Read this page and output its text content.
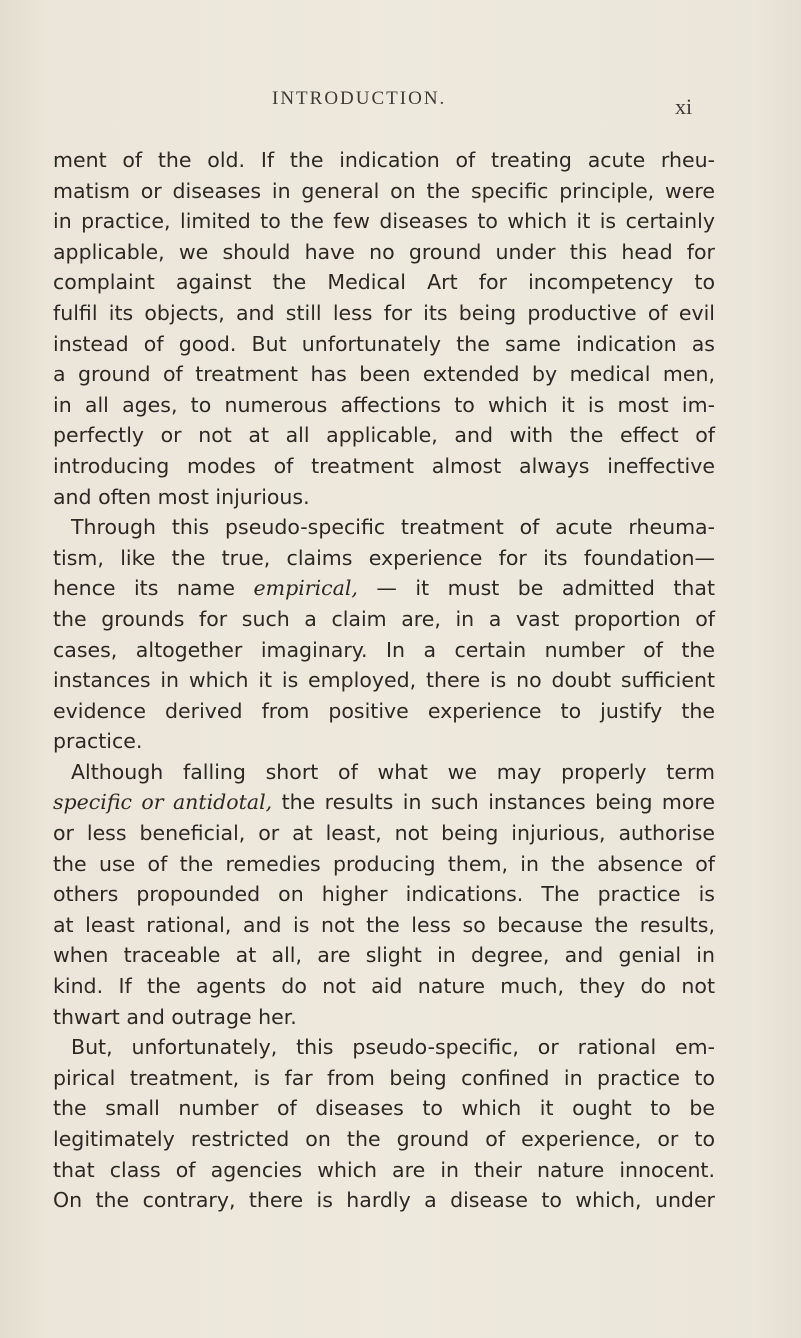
INTRODUCTION.	xi
ment of the old. If the indication of treating acute rheu-
matism or diseases in general on the specific principle, were
in practice, limited to the few diseases to which it is certainly
applicable, we should have no ground under this head for
complaint against the Medical Art for incompetency to
fulfil its objects, and still less for its being productive of evil
instead of good. But unfortunately the same indication as
a ground of treatment has been extended by medical men,
in all ages, to numerous affections to which it is most im-
perfectly or not at all applicable, and with the effect of
introducing modes of treatment almost always ineffective
and often most injurious.
Through this pseudo-specific treatment of acute rheuma-
tism, like the true, claims experience for its foundation—
hence its name empirical, — it must be admitted that
the grounds for such a claim are, in a vast proportion of
cases, altogether imaginary. In a certain number of the
instances in which it is employed, there is no doubt sufficient
evidence derived from positive experience to justify the
practice.
Although falling short of what we may properly term
specific or antidotal, the results in such instances being more
or less beneficial, or at least, not being injurious, authorise
the use of the remedies producing them, in the absence of
others propounded on higher indications. The practice is
at least rational, and is not the less so because the results,
when traceable at all, are slight in degree, and genial in
kind. If the agents do not aid nature much, they do not
thwart and outrage her.
But, unfortunately, this pseudo-specific, or rational em-
pirical treatment, is far from being confined in practice to
the small number of diseases to which it ought to be
legitimately restricted on the ground of experience, or to
that class of agencies which are in their nature innocent.
On the contrary, there is hardly a disease to which, under
